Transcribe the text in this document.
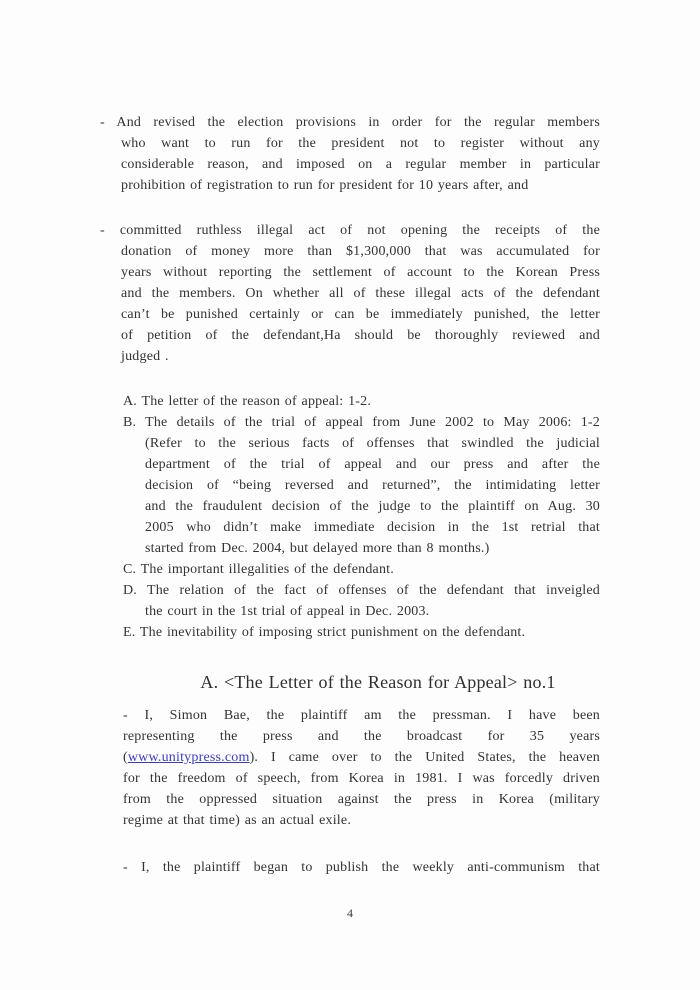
- And revised the election provisions in order for the regular members
who want to run for the president not to register without any
considerable reason, and imposed on a regular member in particular
prohibition of registration to run for president for 10 years after, and
- committed ruthless illegal act of not opening the receipts of the
donation of money more than $1,300,000 that was accumulated for
years without reporting the settlement of account to the Korean Press
and the members. On whether all of these illegal acts of the defendant
can’t be punished certainly or can be immediately punished, the letter
of petition of the defendant,Ha should be thoroughly reviewed and
judged .
A. The letter of the reason of appeal: 1-2.
B. The details of the trial of appeal from June 2002 to May 2006: 1-2
(Refer to the serious facts of offenses that swindled the judicial
department of the trial of appeal and our press and after the
decision of “being reversed and returned”, the intimidating letter
and the fraudulent decision of the judge to the plaintiff on Aug. 30
2005 who didn’t make immediate decision in the 1st retrial that
started from Dec. 2004, but delayed more than 8 months.)
C. The important illegalities of the defendant.
D. The relation of the fact of offenses of the defendant that inveigled
the court in the 1st trial of appeal in Dec. 2003.
E. The inevitability of imposing strict punishment on the defendant.
A. <The Letter of the Reason for Appeal> no.1
- I, Simon Bae, the plaintiff am the pressman. I have been
representing the press and the broadcast for 35 years
(www.unitypress.com). I came over to the United States, the heaven
for the freedom of speech, from Korea in 1981. I was forcedly driven
from the oppressed situation against the press in Korea (military
regime at that time) as an actual exile.
- I, the plaintiff began to publish the weekly anti-communism that
4
